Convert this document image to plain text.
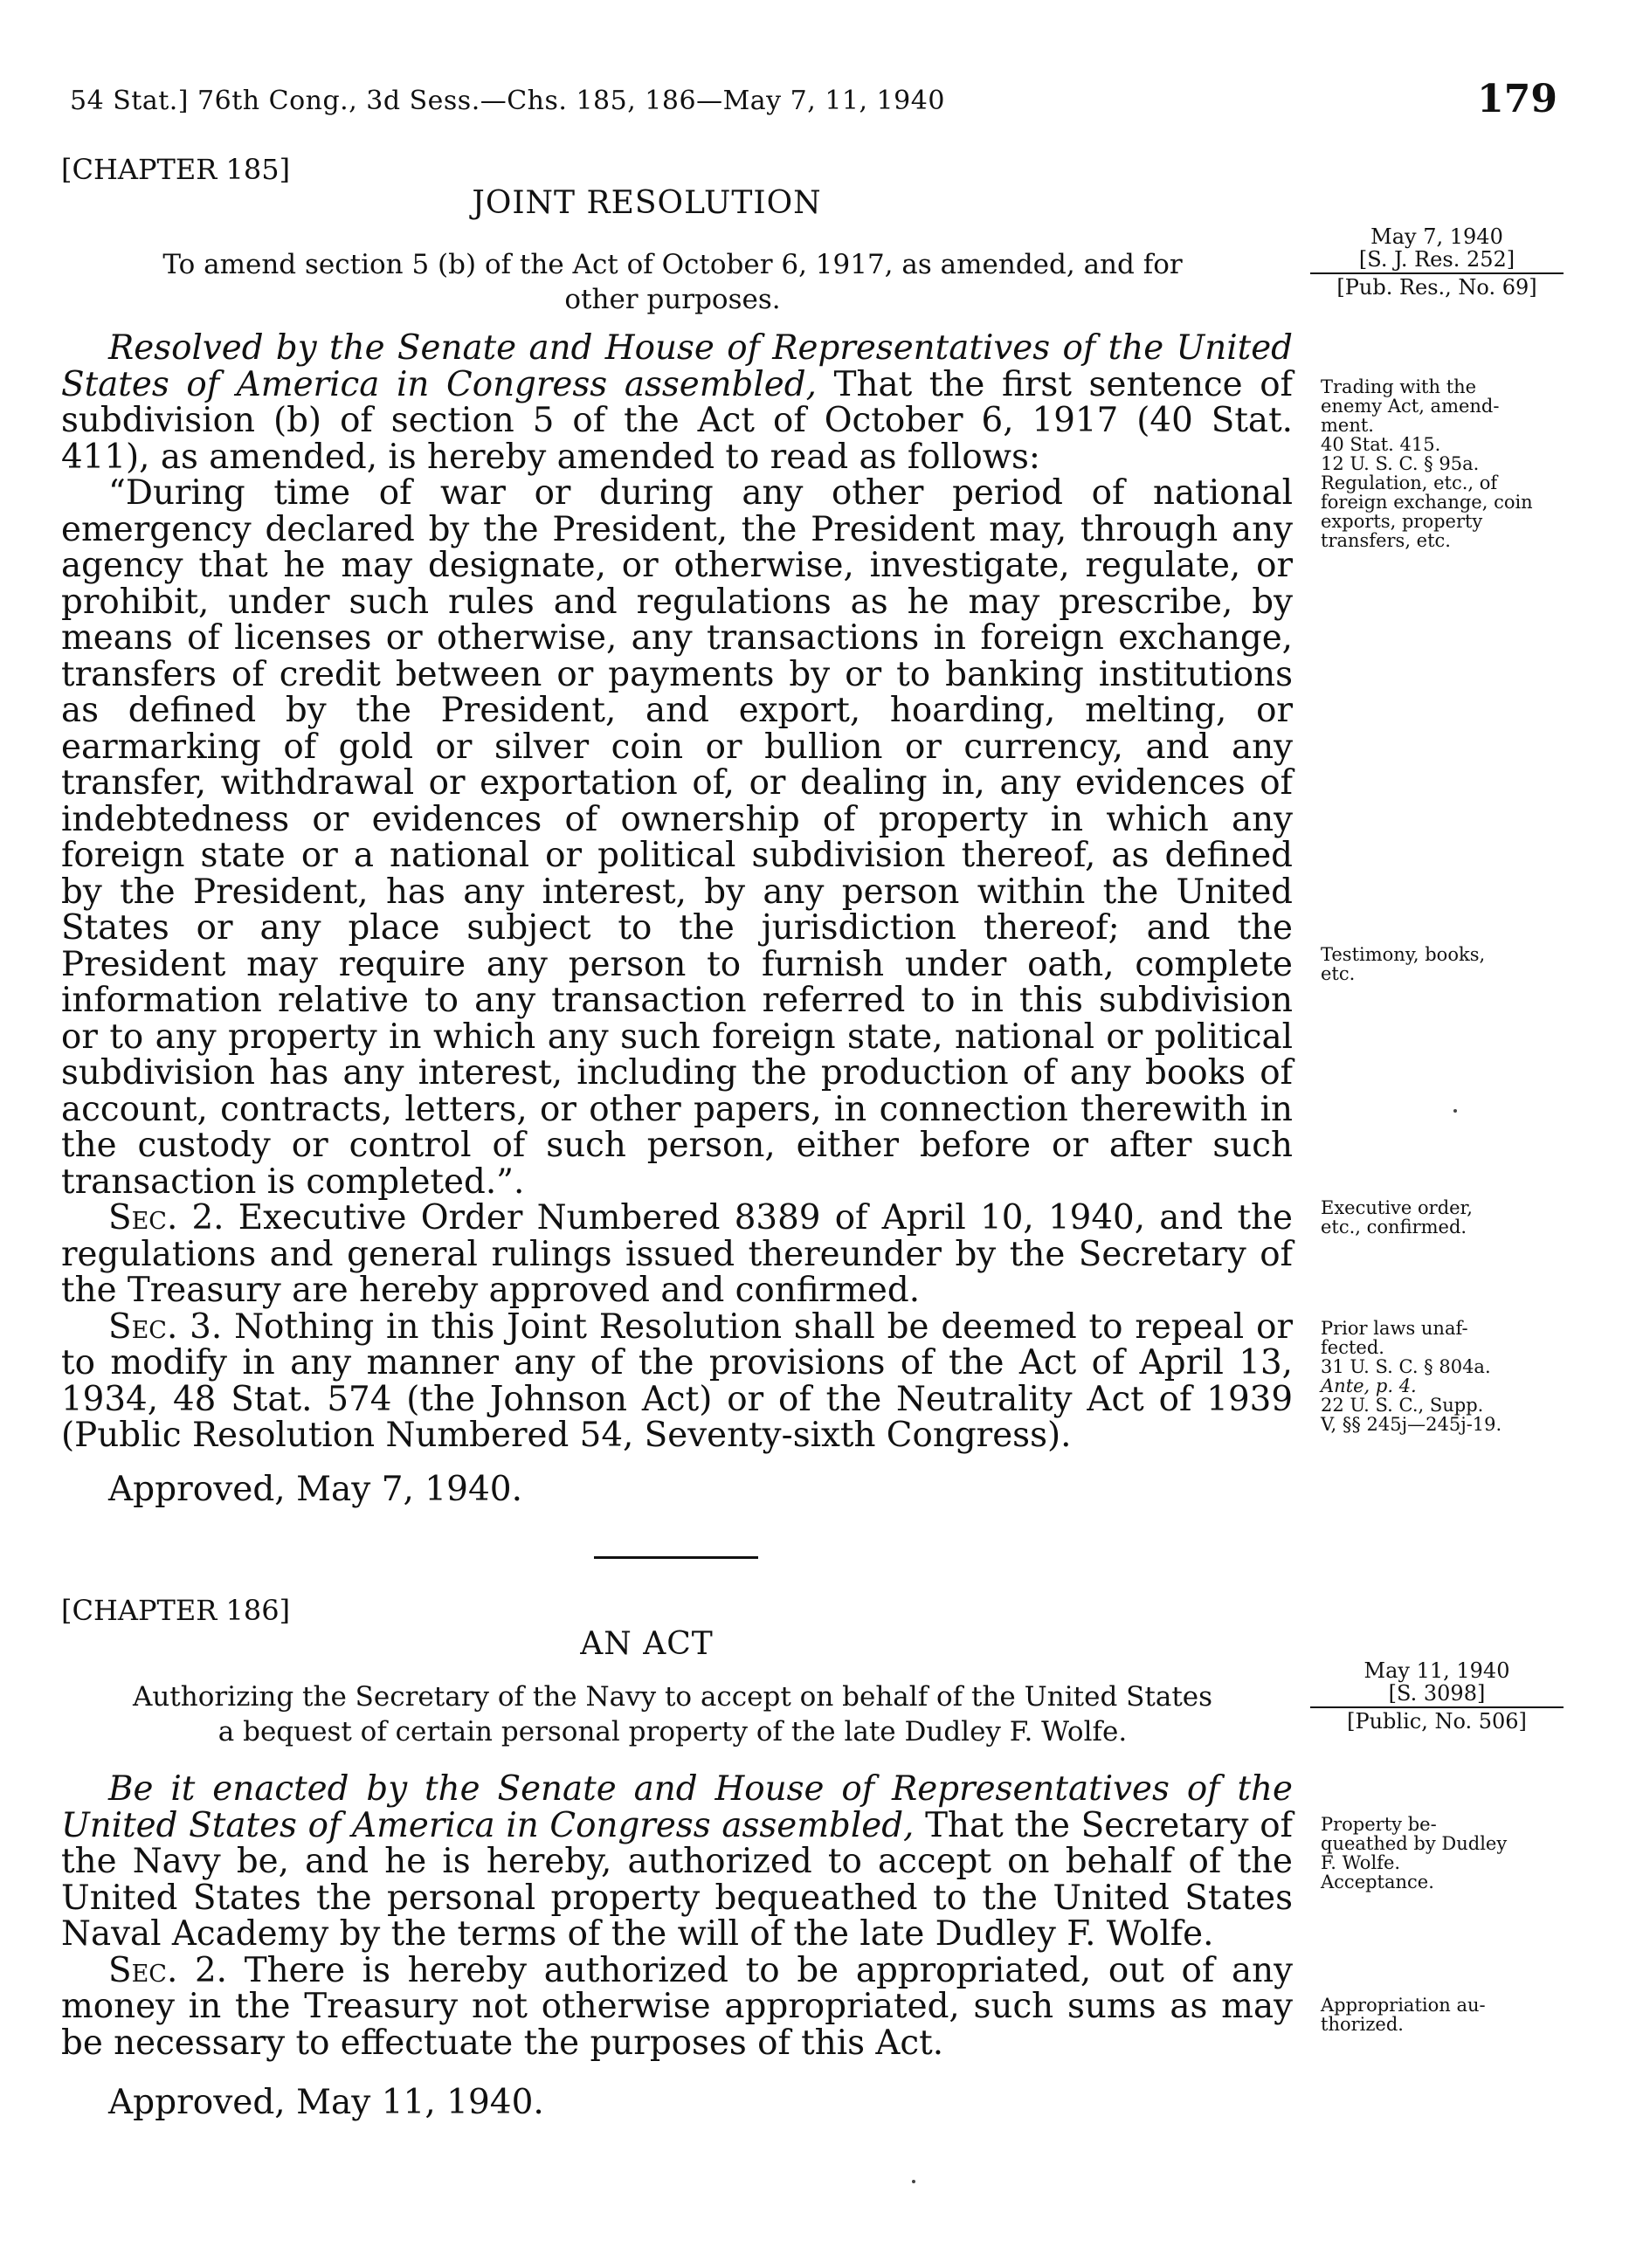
54 Stat.] 76th Cong., 3d Sess.—Chs. 185, 186—May 7, 11, 1940	179
[CHAPTER 185]
JOINT RESOLUTION
To amend section 5 (b) of the Act of October 6, 1917, as amended, and for
other purposes.
May 7, 1940
[S. J. Res. 252]
[Pub. Res., No. 69]

Resolved by the Senate and House of Representatives of the United States of America in Congress assembled, That the first sentence of subdivision (b) of section 5 of the Act of October 6, 1917 (40 Stat. 411), as amended, is hereby amended to read as follows:

“During time of war or during any other period of national emergency declared by the President, the President may, through any agency that he may designate, or otherwise, investigate, regulate, or prohibit, under such rules and regulations as he may prescribe, by means of licenses or otherwise, any transactions in foreign exchange, transfers of credit between or payments by or to banking institutions as defined by the President, and export, hoarding, melting, or earmarking of gold or silver coin or bullion or currency, and any transfer, withdrawal or exportation of, or dealing in, any evidences of indebtedness or evidences of ownership of property in which any foreign state or a national or political subdivision thereof, as defined by the President, has any interest, by any person within the United States or any place subject to the jurisdiction thereof; and the President may require any person to furnish under oath, complete information relative to any transaction referred to in this subdivision or to any property in which any such foreign state, national or political subdivision has any interest, including the production of any books of account, contracts, letters, or other papers, in connection therewith in the custody or control of such person, either before or after such transaction is completed.”.

Sec. 2. Executive Order Numbered 8389 of April 10, 1940, and the regulations and general rulings issued thereunder by the Secretary of the Treasury are hereby approved and confirmed.

Sec. 3. Nothing in this Joint Resolution shall be deemed to repeal or to modify in any manner any of the provisions of the Act of April 13, 1934, 48 Stat. 574 (the Johnson Act) or of the Neutrality Act of 1939 (Public Resolution Numbered 54, Seventy-sixth Congress).

Approved, May 7, 1940.
Trading with the
enemy Act, amend-
ment.
40 Stat. 415.
12 U. S. C. § 95a.
Regulation, etc., of
foreign exchange, coin
exports, property
transfers, etc.
Testimony, books,
etc.
Executive order,
etc., confirmed.
Prior laws unaf-
fected.
31 U. S. C. § 804a.
Ante, p. 4.
22 U. S. C., Supp.
V, §§ 245j—245j-19.
[CHAPTER 186]
AN ACT
Authorizing the Secretary of the Navy to accept on behalf of the United States
a bequest of certain personal property of the late Dudley F. Wolfe.
May 11, 1940
[S. 3098]
[Public, No. 506]

Be it enacted by the Senate and House of Representatives of the United States of America in Congress assembled, That the Secretary of the Navy be, and he is hereby, authorized to accept on behalf of the United States the personal property bequeathed to the United States Naval Academy by the terms of the will of the late Dudley F. Wolfe.

Sec. 2. There is hereby authorized to be appropriated, out of any money in the Treasury not otherwise appropriated, such sums as may be necessary to effectuate the purposes of this Act.

Approved, May 11, 1940.
Property be-
queathed by Dudley
F. Wolfe.
Acceptance.
Appropriation au-
thorized.
